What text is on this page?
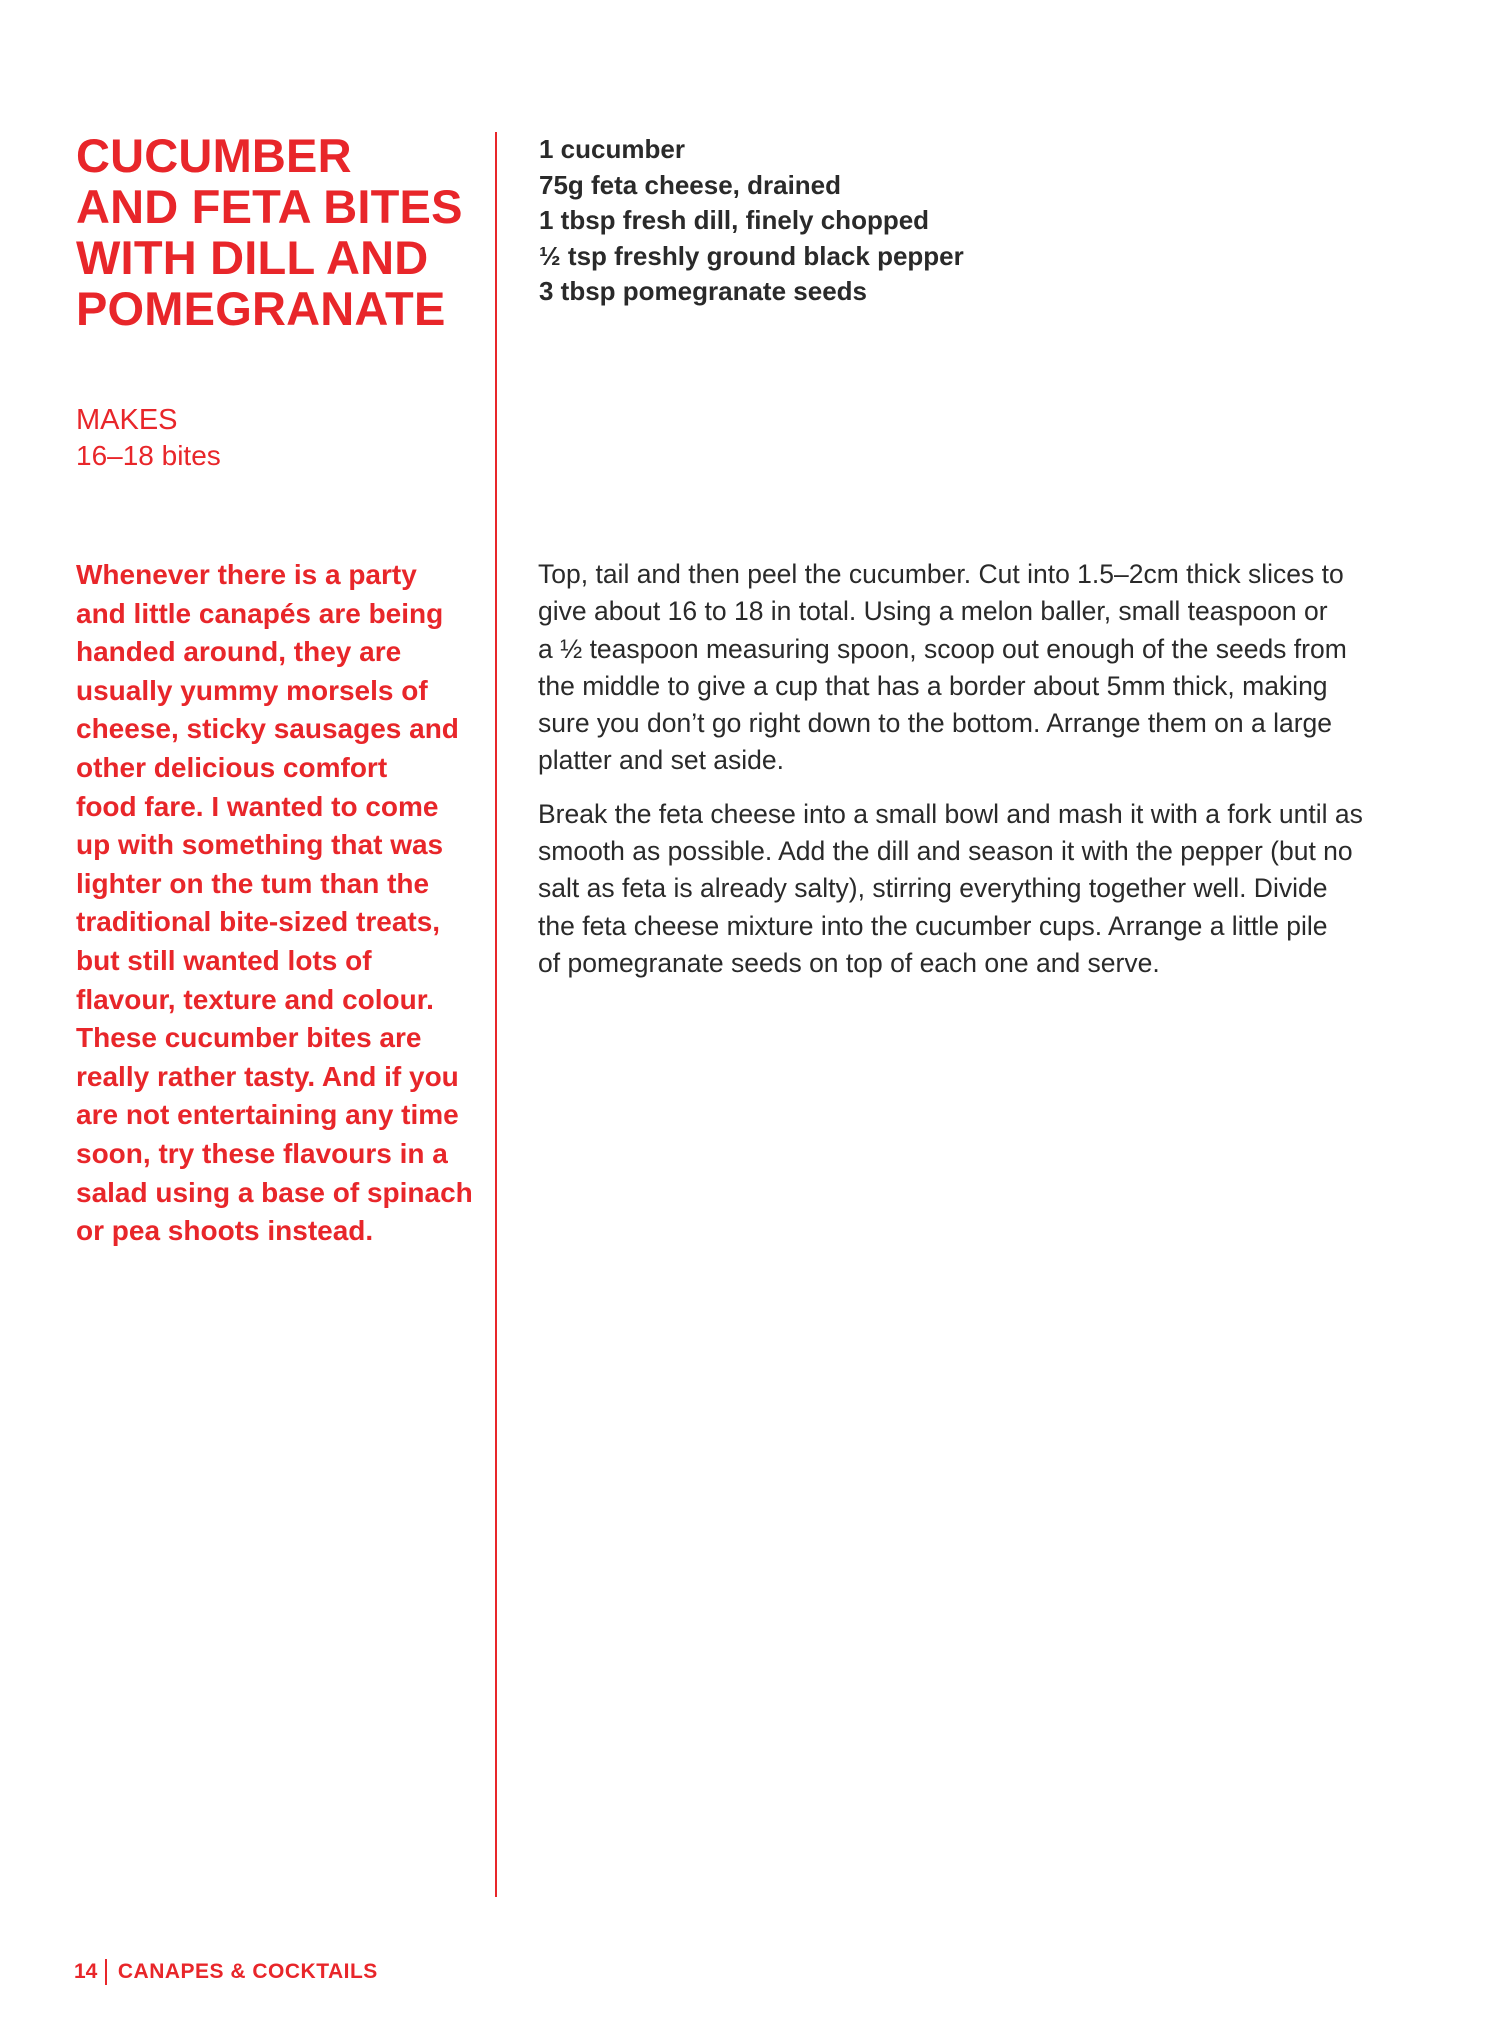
CUCUMBER
AND FETA BITES
WITH DILL AND
POMEGRANATE
MAKES
16–18 bites
Whenever there is a party
and little canapés are being
handed around, they are
usually yummy morsels of
cheese, sticky sausages and
other delicious comfort
food fare. I wanted to come
up with something that was
lighter on the tum than the
traditional bite-sized treats,
but still wanted lots of
flavour, texture and colour.
These cucumber bites are
really rather tasty. And if you
are not entertaining any time
soon, try these flavours in a
salad using a base of spinach
or pea shoots instead.
1 cucumber
75g feta cheese, drained
1 tbsp fresh dill, finely chopped
½ tsp freshly ground black pepper
3 tbsp pomegranate seeds

Top, tail and then peel the cucumber. Cut into 1.5–2cm thick slices to
give about 16 to 18 in total. Using a melon baller, small teaspoon or
a ½ teaspoon measuring spoon, scoop out enough of the seeds from
the middle to give a cup that has a border about 5mm thick, making
sure you don’t go right down to the bottom. Arrange them on a large
platter and set aside.

Break the feta cheese into a small bowl and mash it with a fork until as
smooth as possible. Add the dill and season it with the pepper (but no
salt as feta is already salty), stirring everything together well. Divide
the feta cheese mixture into the cucumber cups. Arrange a little pile
of pomegranate seeds on top of each one and serve.

14 CANAPES & COCKTAILS
